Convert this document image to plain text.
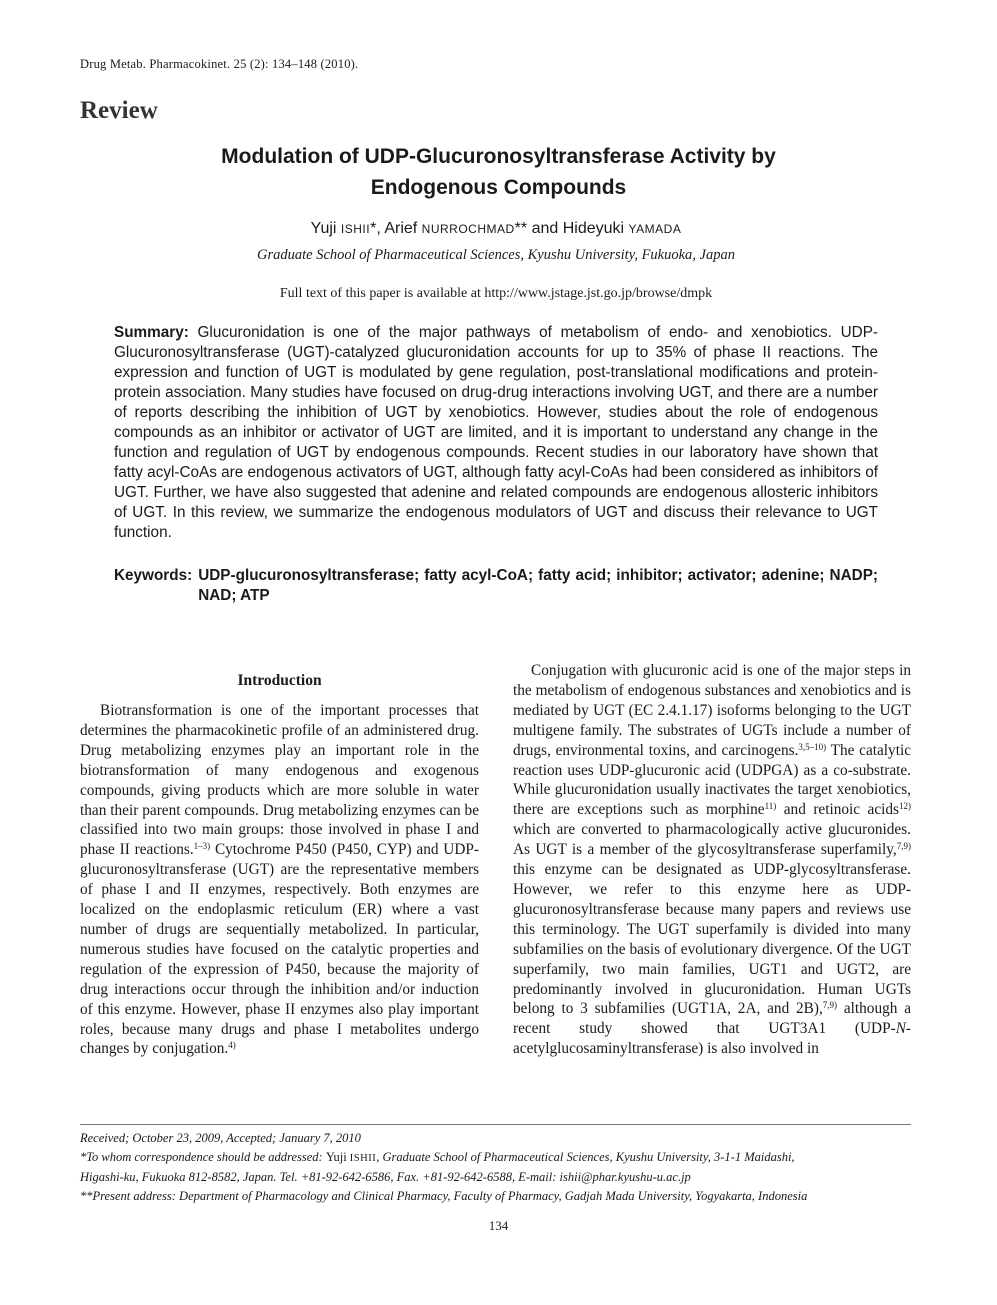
Drug Metab. Pharmacokinet. 25 (2): 134–148 (2010).
Review
Modulation of UDP-Glucuronosyltransferase Activity by
Endogenous Compounds
Yuji ISHII*, Arief NURROCHMAD** and Hideyuki YAMADA
Graduate School of Pharmaceutical Sciences, Kyushu University, Fukuoka, Japan
Full text of this paper is available at http://www.jstage.jst.go.jp/browse/dmpk
Summary: Glucuronidation is one of the major pathways of metabolism of endo- and xenobiotics. UDP-Glucuronosyltransferase (UGT)-catalyzed glucuronidation accounts for up to 35% of phase II reactions. The expression and function of UGT is modulated by gene regulation, post-translational modifications and protein-protein association. Many studies have focused on drug-drug interactions involving UGT, and there are a number of reports describing the inhibition of UGT by xenobiotics. However, studies about the role of endogenous compounds as an inhibitor or activator of UGT are limited, and it is important to understand any change in the function and regulation of UGT by endogenous compounds. Recent studies in our laboratory have shown that fatty acyl-CoAs are endogenous activators of UGT, although fatty acyl-CoAs had been considered as inhibitors of UGT. Further, we have also suggested that adenine and related compounds are endogenous allosteric inhibitors of UGT. In this review, we summarize the endogenous modulators of UGT and discuss their relevance to UGT function.
Keywords: UDP-glucuronosyltransferase; fatty acyl-CoA; fatty acid; inhibitor; activator; adenine; NADP; NAD; ATP
Introduction

Biotransformation is one of the important processes that determines the pharmacokinetic profile of an administered drug. Drug metabolizing enzymes play an important role in the biotransformation of many endogenous and exogenous compounds, giving products which are more soluble in water than their parent compounds. Drug metabolizing enzymes can be classified into two main groups: those involved in phase I and phase II reactions.$^{1-3)}$ Cytochrome P450 (P450, CYP) and UDP-glucuronosyltransferase (UGT) are the representative members of phase I and II enzymes, respectively. Both enzymes are localized on the endoplasmic reticulum (ER) where a vast number of drugs are sequentially metabolized. In particular, numerous studies have focused on the catalytic properties and regulation of the expression of P450, because the majority of drug interactions occur through the inhibition and/or induction of this enzyme. However, phase II enzymes also play important roles, because many drugs and phase I metabolites undergo changes by conjugation.$^{4)}$

Conjugation with glucuronic acid is one of the major steps in the metabolism of endogenous substances and xenobiotics and is mediated by UGT (EC 2.4.1.17) isoforms belonging to the UGT multigene family. The substrates of UGTs include a number of drugs, environmental toxins, and carcinogens.$^{3,5-10)}$ The catalytic reaction uses UDP-glucuronic acid (UDPGA) as a co-substrate. While glucuronidation usually inactivates the target xenobiotics, there are exceptions such as morphine$^{11)}$ and retinoic acids$^{12)}$ which are converted to pharmacologically active glucuronides. As UGT is a member of the glycosyltransferase superfamily,$^{7,9)}$ this enzyme can be designated as UDP-glycosyltransferase. However, we refer to this enzyme here as UDP-glucuronosyltransferase because many papers and reviews use this terminology. The UGT superfamily is divided into many subfamilies on the basis of evolutionary divergence. Of the UGT superfamily, two main families, UGT1 and UGT2, are predominantly involved in glucuronidation. Human UGTs belong to 3 subfamilies (UGT1A, 2A, and 2B),$^{7,9)}$ although a recent study showed that UGT3A1 (UDP-N-acetylglucosaminyltransferase) is also involved in

Received; October 23, 2009, Accepted; January 7, 2010
*To whom correspondence should be addressed: Yuji ISHII, Graduate School of Pharmaceutical Sciences, Kyushu University, 3-1-1 Maidashi,
Higashi-ku, Fukuoka 812-8582, Japan. Tel. +81-92-642-6586, Fax. +81-92-642-6588, E-mail: ishii@phar.kyushu-u.ac.jp
**Present address: Department of Pharmacology and Clinical Pharmacy, Faculty of Pharmacy, Gadjah Mada University, Yogyakarta, Indonesia
134
